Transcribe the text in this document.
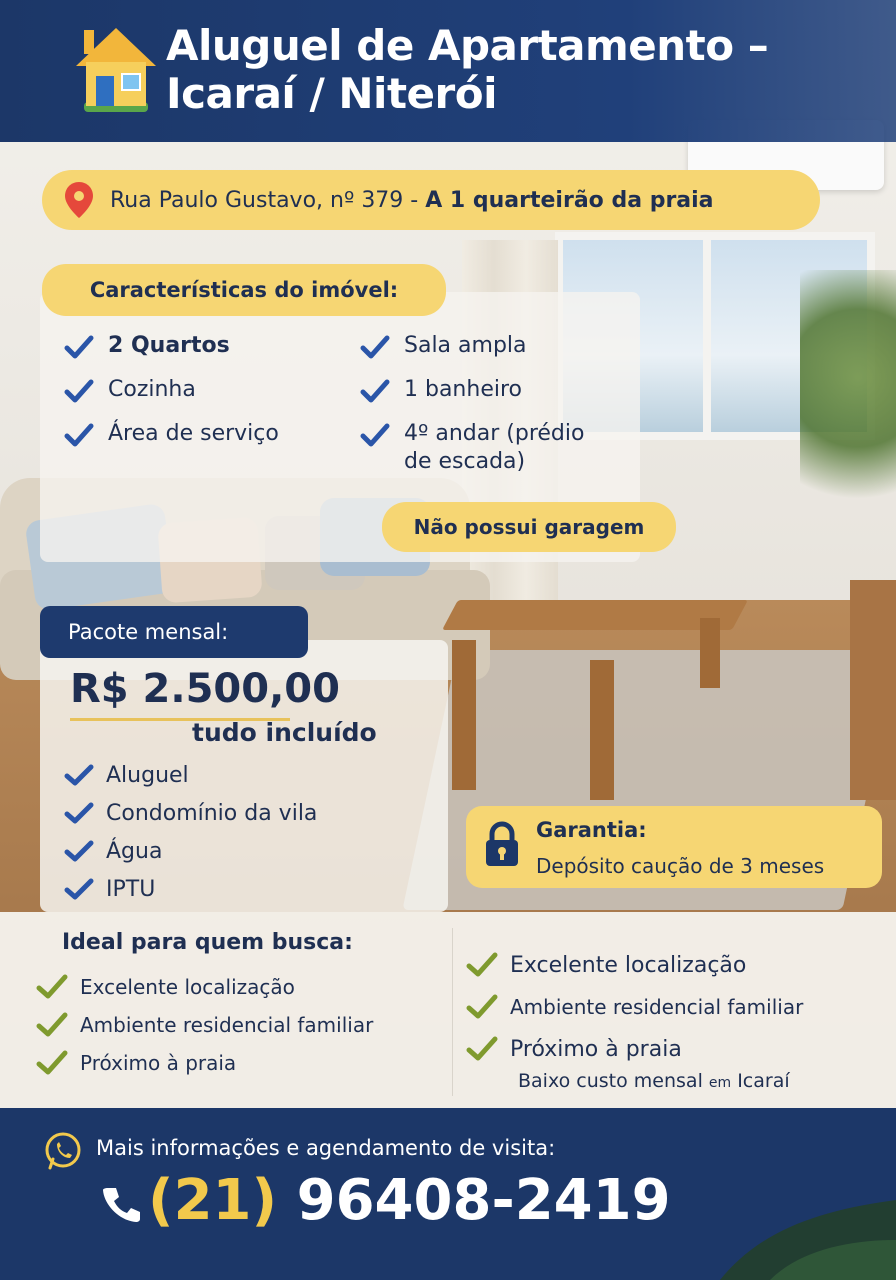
Aluguel de Apartamento –
Icaraí / Niterói
Rua Paulo Gustavo, nº 379 - A 1 quarteirão da praia
Características do imóvel:
2 Quartos
Cozinha
Área de serviço
Sala ampla
1 banheiro
4º andar (prédio de escada)
Não possui garagem
Pacote mensal:
R$ 2.500,00
tudo incluído
Aluguel
Condomínio da vila
Água
IPTU
Garantia:
Depósito caução de 3 meses
Ideal para quem busca:
Excelente localização
Ambiente residencial familiar
Próximo à praia
Excelente localização
Ambiente residencial familiar
Próximo à praia
Baixo custo mensal em Icaraí
Mais informações e agendamento de visita:
(21) 96408-2419
